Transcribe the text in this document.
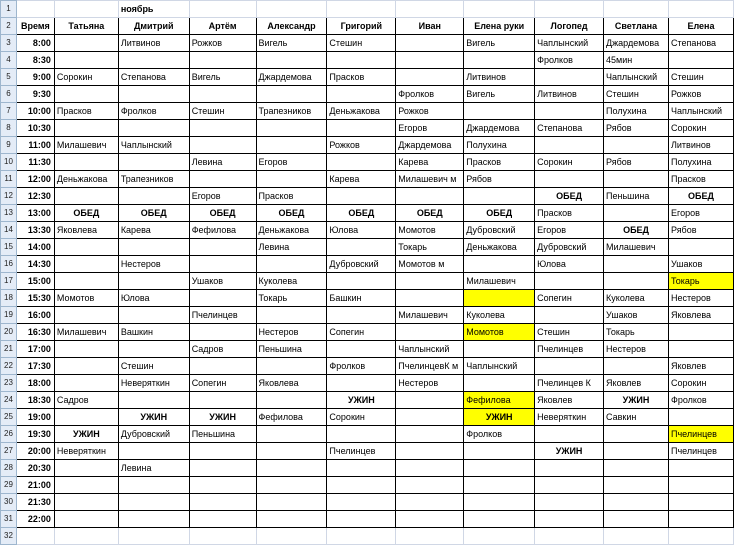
1			ноябрь								
2	Время	Татьяна	Дмитрий	Артём	Александр	Григорий	Иван	Елена руки	Логопед	Светлана	Елена
3	8:00		Литвинов	Рожков	Вигель	Стешин		Вигель	Чаплынский	Джардемова	Степанова
4	8:30								Фролков	45мин	
5	9:00	Сорокин	Степанова	Вигель	Джардемова	Прасков		Литвинов		Чаплынский	Стешин
6	9:30						Фролков	Вигель	Литвинов	Стешин	Рожков
7	10:00	Прасков	Фролков	Стешин	Трапезников	Деньжакова	Рожков			Полухина	Чаплынский
8	10:30						Егоров	Джардемова	Степанова	Рябов	Сорокин
9	11:00	Милашевич	Чаплынский			Рожков	Джардемова	Полухина			Литвинов
10	11:30			Левина	Егоров		Карева	Прасков	Сорокин	Рябов	Полухина
11	12:00	Деньжакова	Трапезников			Карева	Милашевич м	Рябов			Прасков
12	12:30			Егоров	Прасков				ОБЕД	Пеньшина	ОБЕД
13	13:00	ОБЕД	ОБЕД	ОБЕД	ОБЕД	ОБЕД	ОБЕД	ОБЕД	Прасков		Егоров
14	13:30	Яковлева	Карева	Фефилова	Деньжакова	Юлова	Момотов	Дубровский	Егоров	ОБЕД	Рябов
15	14:00				Левина		Токарь	Деньжакова	Дубровский	Милашевич	
16	14:30		Нестеров			Дубровский	Момотов м		Юлова		Ушаков
17	15:00			Ушаков	Куколева			Милашевич			Токарь
18	15:30	Момотов	Юлова		Токарь	Башкин			Сопегин	Куколева	Нестеров
19	16:00			Пчелинцев			Милашевич	Куколева		Ушаков	Яковлева
20	16:30	Милашевич	Вашкин		Нестеров	Сопегин		Момотов	Стешин	Токарь	
21	17:00			Садров	Пеньшина		Чаплынский		Пчелинцев	Нестеров	
22	17:30		Стешин			Фролков	ПчелинцевК м	Чаплынский			Яковлев
23	18:00		Неверяткин	Сопегин	Яковлева		Нестеров		Пчелинцев К	Яковлев	Сорокин
24	18:30	Садров				УЖИН		Фефилова	Яковлев	УЖИН	Фролков
25	19:00		УЖИН	УЖИН	Фефилова	Сорокин		УЖИН	Неверяткин	Савкин	
26	19:30	УЖИН	Дубровский	Пеньшина				Фролков			Пчелинцев
27	20:00	Неверяткин				Пчелинцев			УЖИН		Пчелинцев
28	20:30		Левина								
29	21:00										
30	21:30										
31	22:00										
32											
